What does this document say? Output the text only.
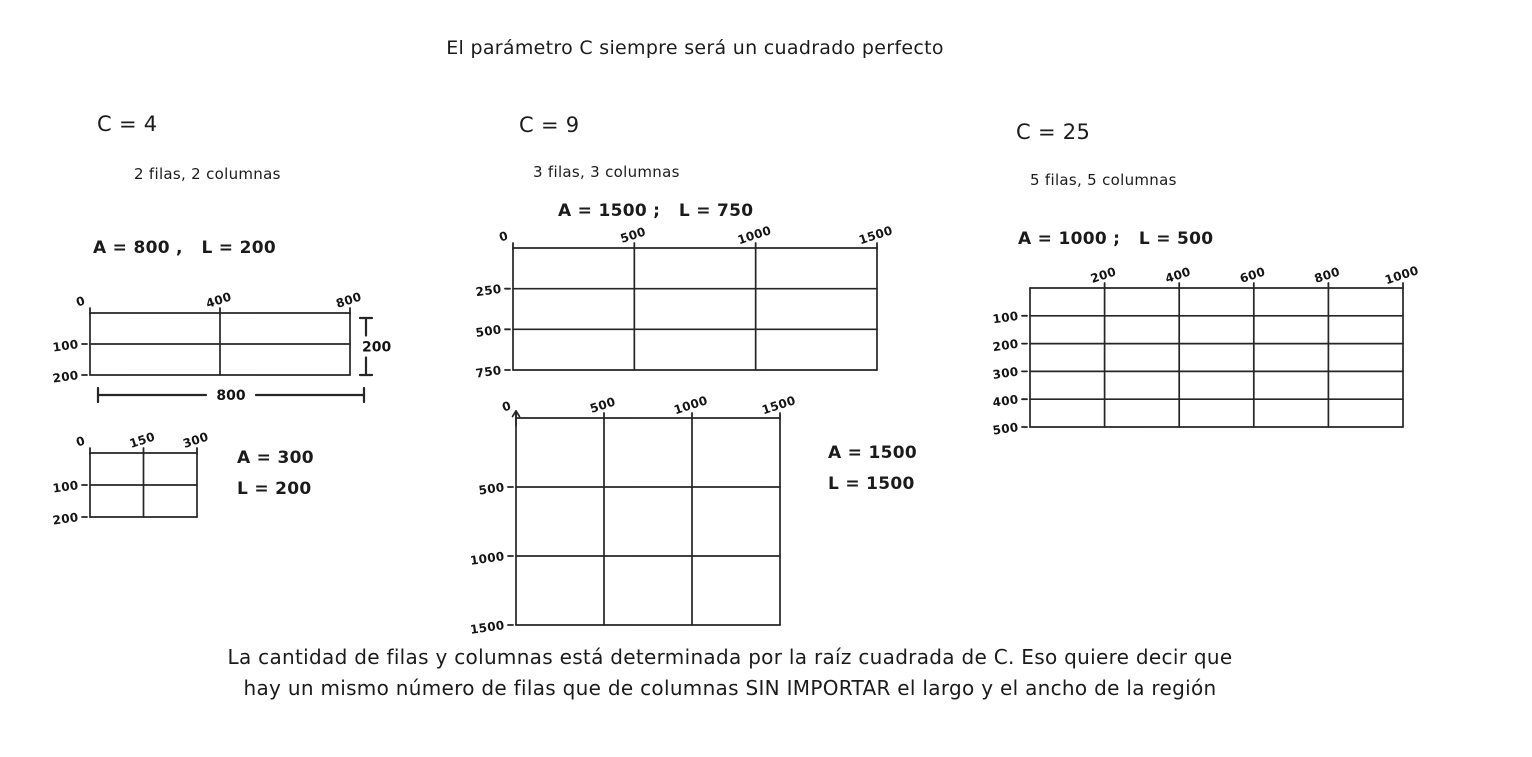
El parámetro C siempre será un cuadrado perfecto
C = 4
2 filas, 2 columnas
A = 800 ,   L = 200
0	400	800
100
200
800
200
0	150 300
100
200
A = 300
L = 200
C = 9
3 filas, 3 columnas
A = 1500 ;   L = 750
0	500	1000	1500
250
500
750
0	500	1000	1500
500
1000
1500
A = 1500
L = 1500
C = 25
5 filas, 5 columnas
A = 1000 ;   L = 500
200	400	600	800	1000
100
200
300
400
500
La cantidad de filas y columnas está determinada por la raíz cuadrada de C. Eso quiere decir que
hay un mismo número de filas que de columnas SIN IMPORTAR el largo y el ancho de la región
